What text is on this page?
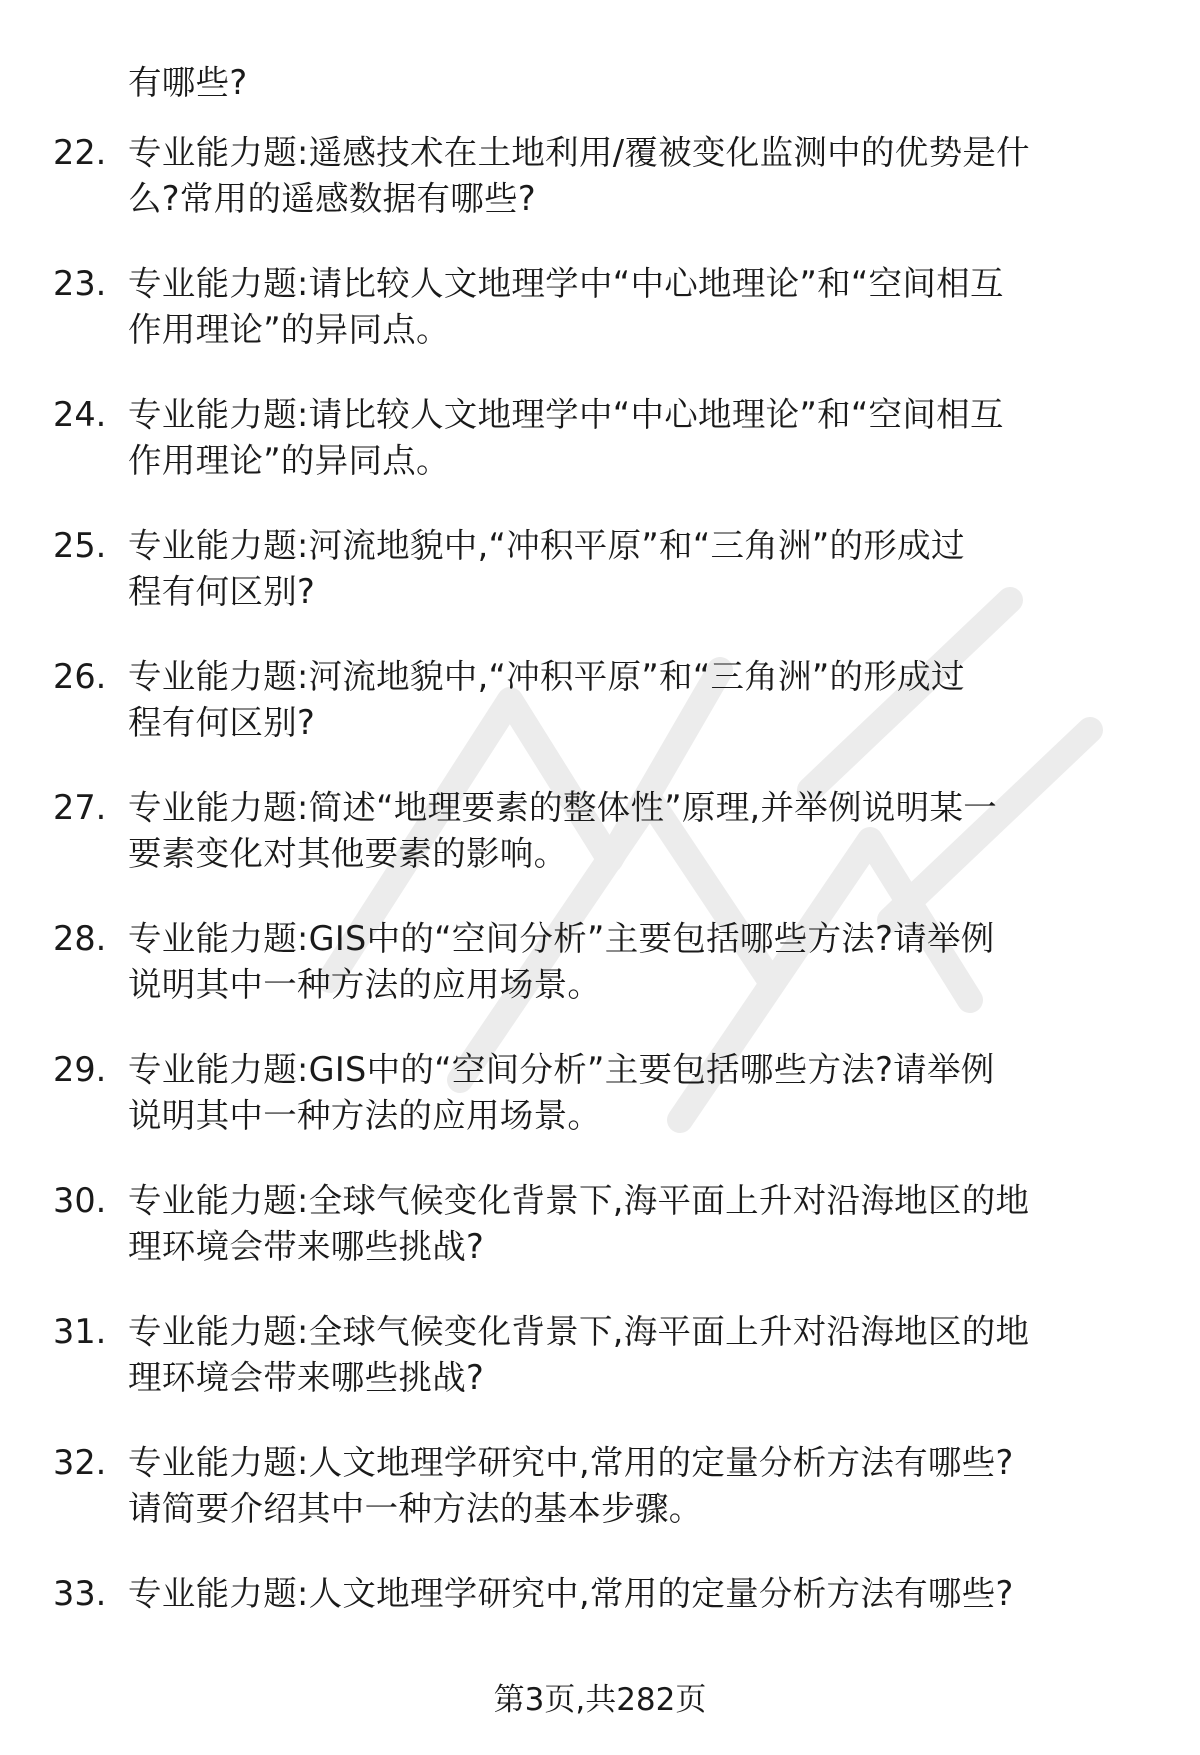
有哪些?
22. 专业能力题:遥感技术在土地利用/覆被变化监测中的优势是什
么?常用的遥感数据有哪些?
23. 专业能力题:请比较人文地理学中“中心地理论”和“空间相互
作用理论”的异同点。
24. 专业能力题:请比较人文地理学中“中心地理论”和“空间相互
作用理论”的异同点。
25. 专业能力题:河流地貌中,“冲积平原”和“三角洲”的形成过
程有何区别?
26. 专业能力题:河流地貌中,“冲积平原”和“三角洲”的形成过
程有何区别?
27. 专业能力题:简述“地理要素的整体性”原理,并举例说明某一
要素变化对其他要素的影响。
28. 专业能力题:GIS中的“空间分析”主要包括哪些方法?请举例
说明其中一种方法的应用场景。
29. 专业能力题:GIS中的“空间分析”主要包括哪些方法?请举例
说明其中一种方法的应用场景。
30. 专业能力题:全球气候变化背景下,海平面上升对沿海地区的地
理环境会带来哪些挑战?
31. 专业能力题:全球气候变化背景下,海平面上升对沿海地区的地
理环境会带来哪些挑战?
32. 专业能力题:人文地理学研究中,常用的定量分析方法有哪些?
请简要介绍其中一种方法的基本步骤。
33. 专业能力题:人文地理学研究中,常用的定量分析方法有哪些?
第3页,共282页
